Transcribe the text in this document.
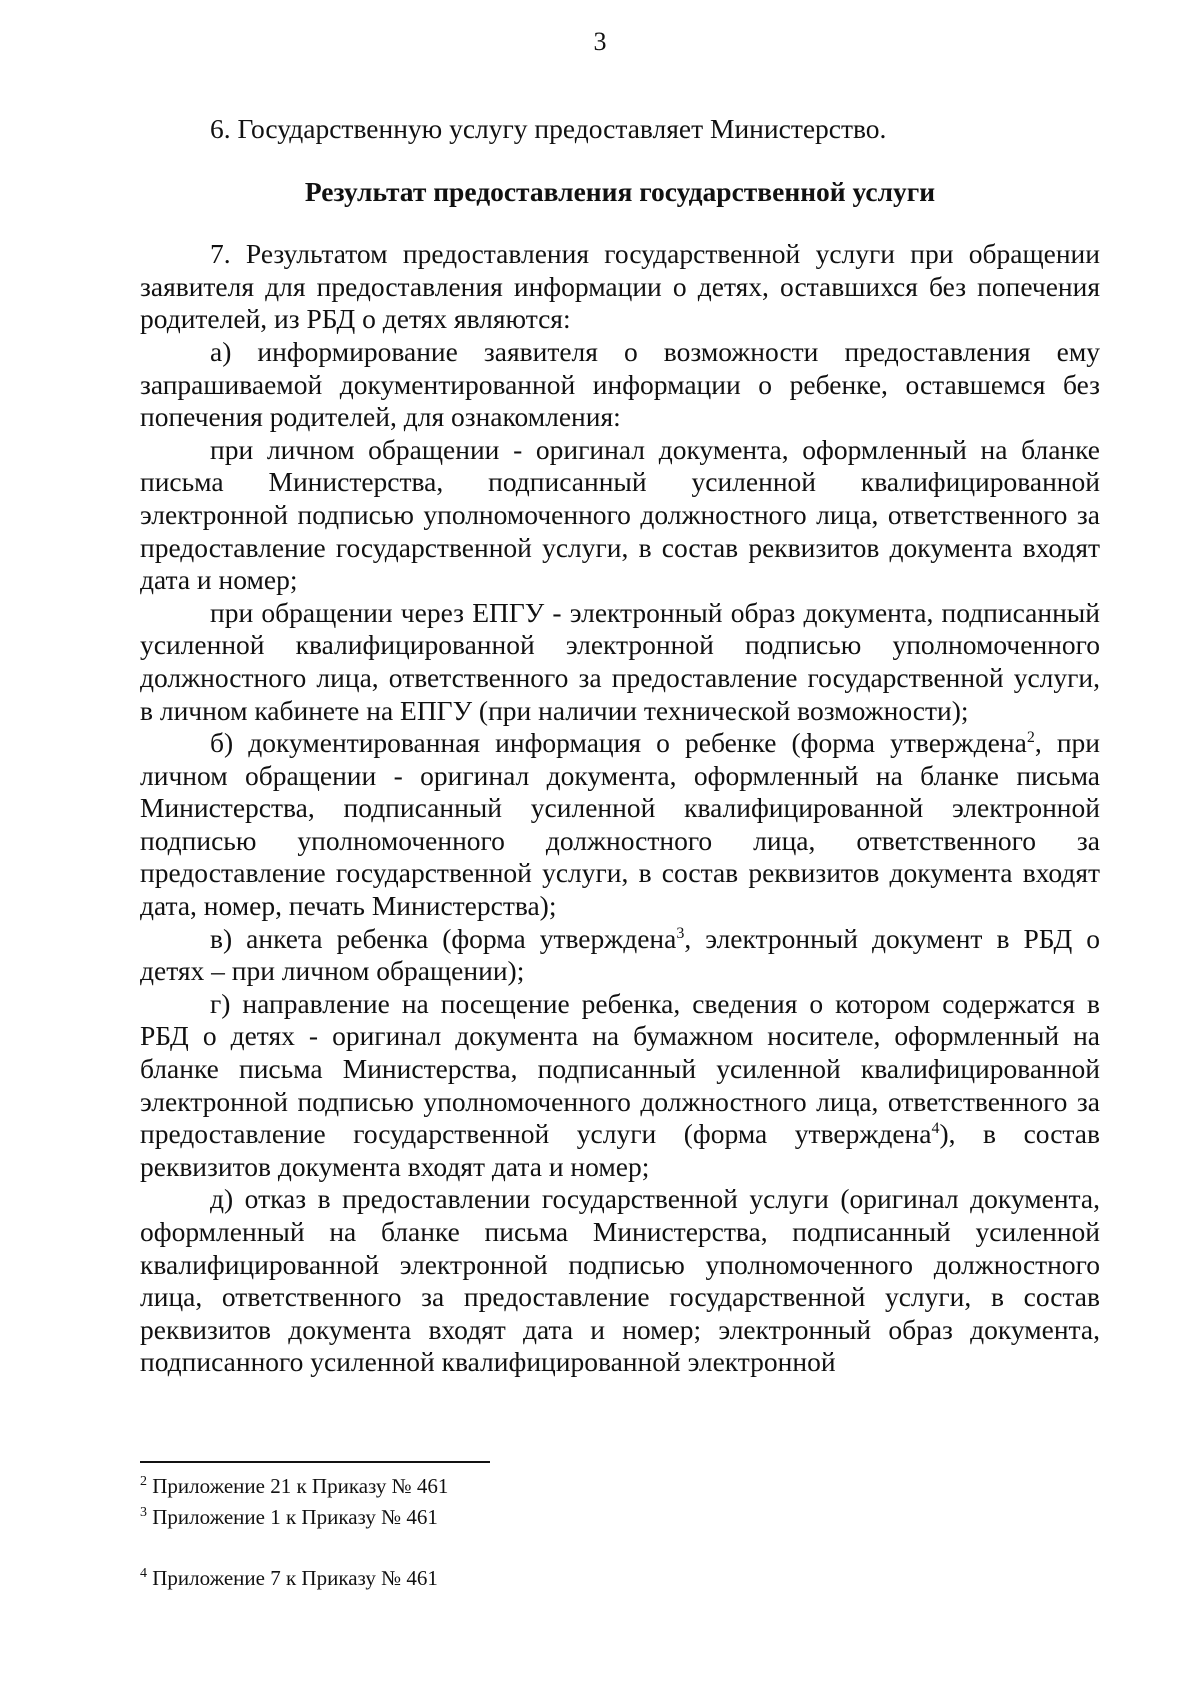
3

6. Государственную услугу предоставляет Министерство.

Результат предоставления государственной услуги

7. Результатом предоставления государственной услуги при обращении заявителя для предоставления информации о детях, оставшихся без попечения родителей, из РБД о детях являются:

а) информирование заявителя о возможности предоставления ему запрашиваемой документированной информации о ребенке, оставшемся без попечения родителей, для ознакомления:

при личном обращении - оригинал документа, оформленный на бланке письма Министерства, подписанный усиленной квалифицированной электронной подписью уполномоченного должностного лица, ответственного за предоставление государственной услуги, в состав реквизитов документа входят дата и номер;

при обращении через ЕПГУ - электронный образ документа, подписанный усиленной квалифицированной электронной подписью уполномоченного должностного лица, ответственного за предоставление государственной услуги, в личном кабинете на ЕПГУ (при наличии технической возможности);

б) документированная информация о ребенке (форма утверждена$^2$, при личном обращении - оригинал документа, оформленный на бланке письма Министерства, подписанный усиленной квалифицированной электронной подписью уполномоченного должностного лица, ответственного за предоставление государственной услуги, в состав реквизитов документа входят дата, номер, печать Министерства);

в) анкета ребенка (форма утверждена$^3$, электронный документ в РБД о детях – при личном обращении);

г) направление на посещение ребенка, сведения о котором содержатся в РБД о детях - оригинал документа на бумажном носителе, оформленный на бланке письма Министерства, подписанный усиленной квалифицированной электронной подписью уполномоченного должностного лица, ответственного за предоставление государственной услуги (форма утверждена$^4$), в состав реквизитов документа входят дата и номер;

д) отказ в предоставлении государственной услуги (оригинал документа, оформленный на бланке письма Министерства, подписанный усиленной квалифицированной электронной подписью уполномоченного должностного лица, ответственного за предоставление государственной услуги, в состав реквизитов документа входят дата и номер; электронный образ документа, подписанного усиленной квалифицированной электронной

$^2$ Приложение 21 к Приказу № 461

$^3$ Приложение 1 к Приказу № 461

$^4$ Приложение 7 к Приказу № 461
